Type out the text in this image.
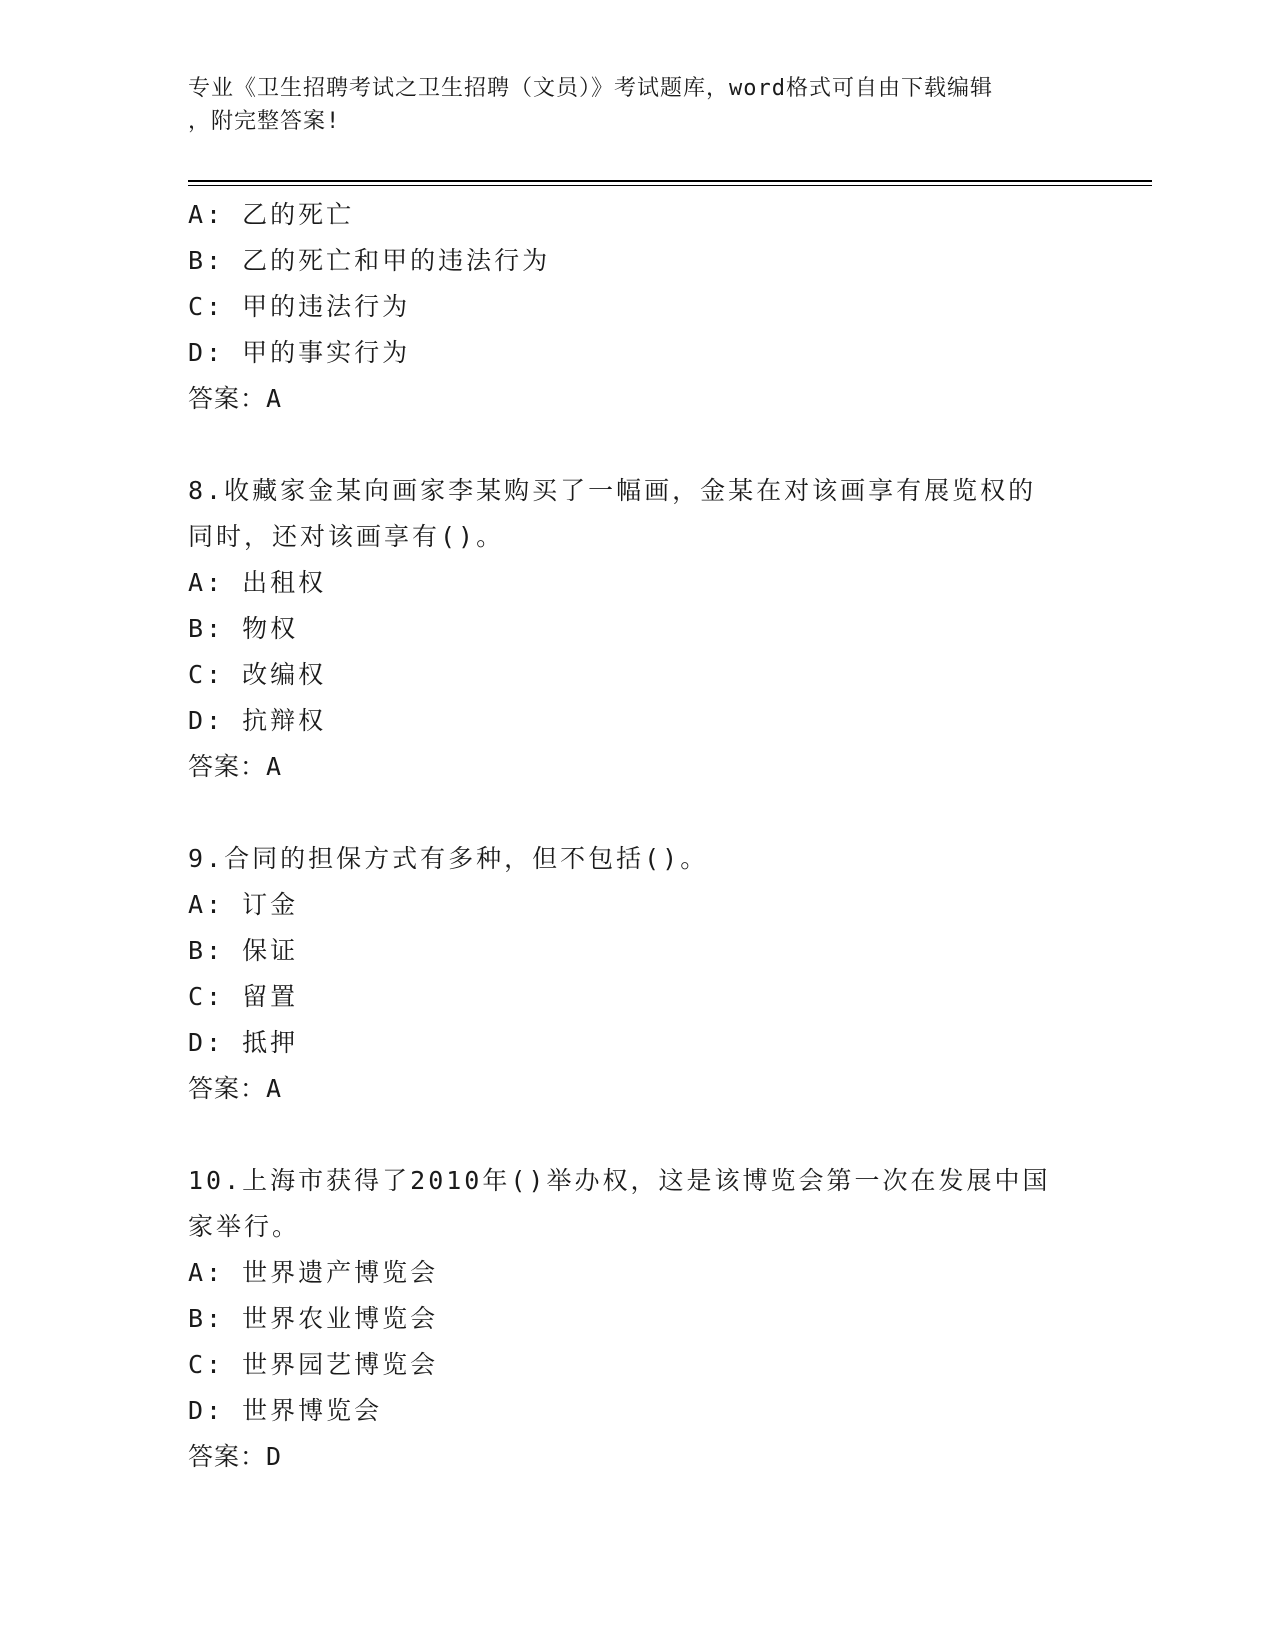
专业《卫生招聘考试之卫生招聘（文员）》考试题库，word格式可自由下载编辑
，附完整答案!
A: 乙的死亡
B: 乙的死亡和甲的违法行为
C: 甲的违法行为
D: 甲的事实行为
答案：A
8.收藏家金某向画家李某购买了一幅画，金某在对该画享有展览权的
同时，还对该画享有()。
A: 出租权
B: 物权
C: 改编权
D: 抗辩权
答案：A
9.合同的担保方式有多种，但不包括()。
A: 订金
B: 保证
C: 留置
D: 抵押
答案：A
10.上海市获得了2010年()举办权，这是该博览会第一次在发展中国
家举行。
A: 世界遗产博览会
B: 世界农业博览会
C: 世界园艺博览会
D: 世界博览会
答案：D
